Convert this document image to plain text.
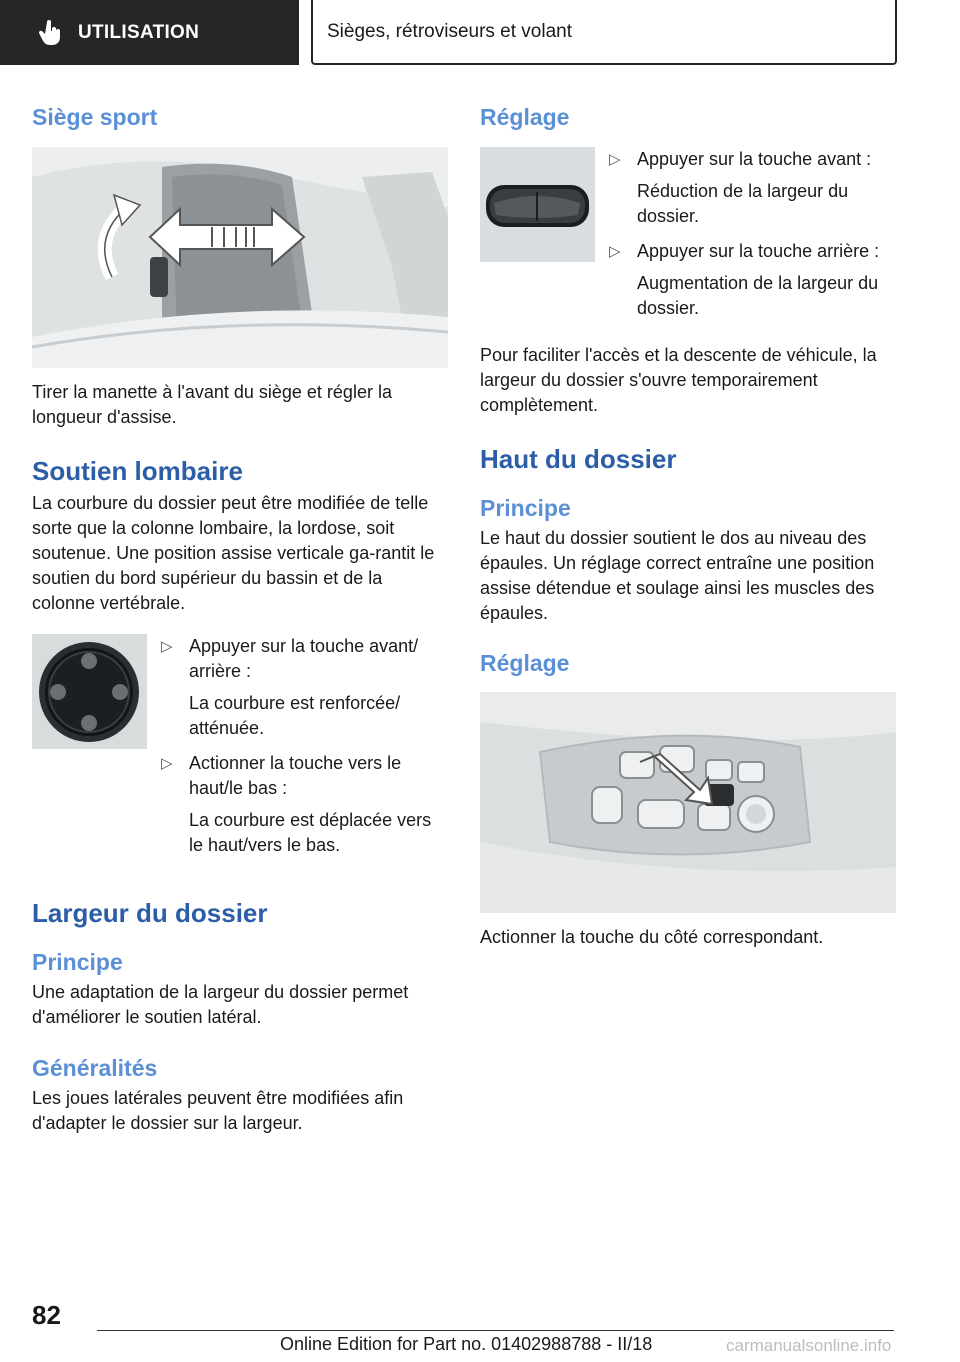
UTILISATION	Sièges, rétroviseurs et volant
Siège sport

Tirer la manette à l'avant du siège et régler la longueur d'assise.

Soutien lombaire

La courbure du dossier peut être modifiée de telle sorte que la colonne lombaire, la lordose, soit soutenue. Une position assise verticale ga-rantit le soutien du bord supérieur du bassin et de la colonne vertébrale.

▷ Appuyer sur la touche avant/ arrière :

La courbure est renforcée/ atténuée.

▷ Actionner la touche vers le haut/le bas :

La courbure est déplacée vers le haut/vers le bas.

Largeur du dossier
Principe

Une adaptation de la largeur du dossier permet d'améliorer le soutien latéral.

Généralités

Les joues latérales peuvent être modifiées afin d'adapter le dossier sur la largeur.

Réglage
▷ Appuyer sur la touche avant :

Réduction de la largeur du dossier.

▷ Appuyer sur la touche arrière :

Augmentation de la largeur du dossier.

Pour faciliter l'accès et la descente de véhicule, la largeur du dossier s'ouvre temporairement complètement.

Haut du dossier
Principe

Le haut du dossier soutient le dos au niveau des épaules. Un réglage correct entraîne une position assise détendue et soulage ainsi les muscles des épaules.

Réglage

Actionner la touche du côté correspondant.

82
Online Edition for Part no. 01402988788 - II/18	carmanualsonline.info
